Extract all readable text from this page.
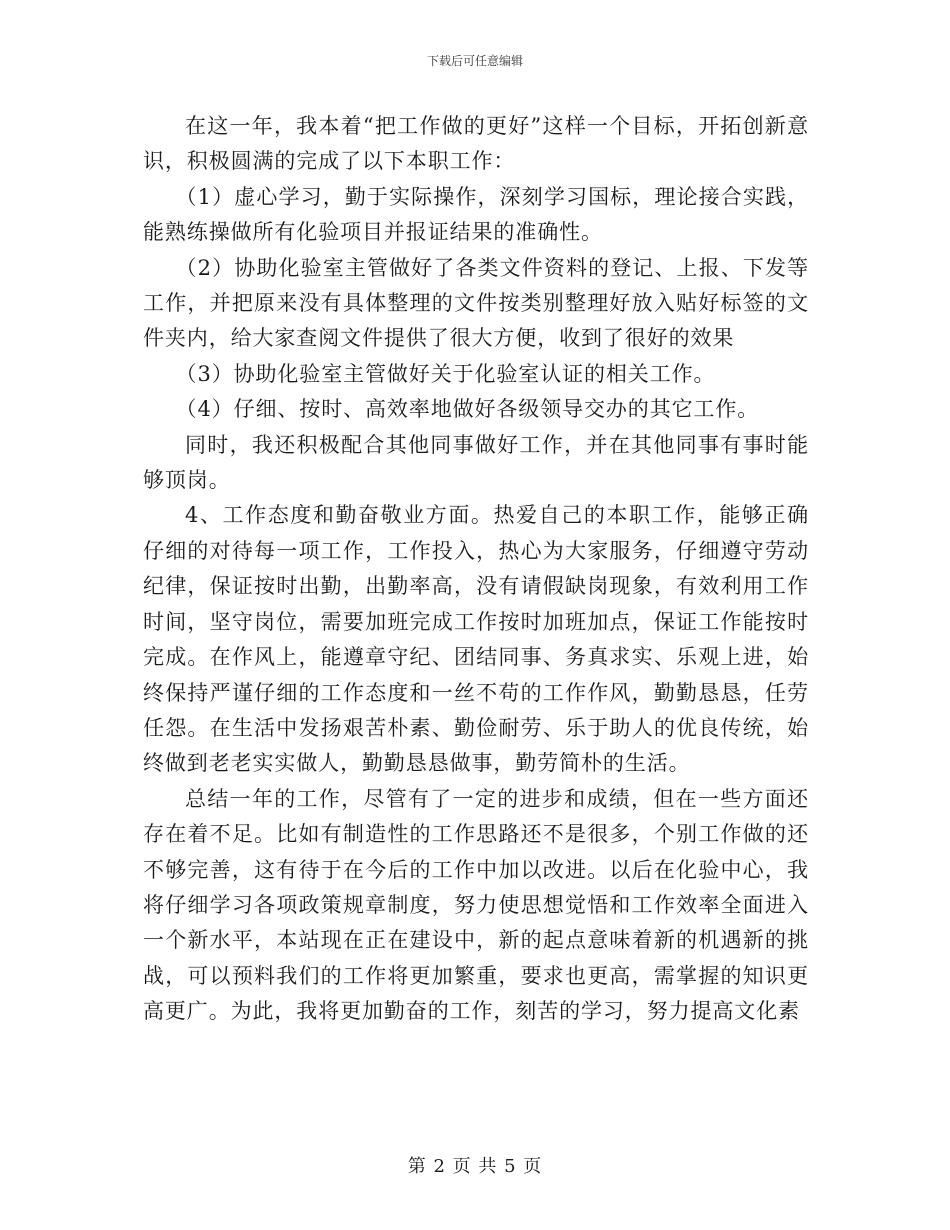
下载后可任意编辑

在这一年，我本着“把工作做的更好”这样一个目标，开拓创新意识，积极圆满的完成了以下本职工作：

（1）虚心学习，勤于实际操作，深刻学习国标，理论接合实践，能熟练操做所有化验项目并报证结果的准确性。

（2）协助化验室主管做好了各类文件资料的登记、上报、下发等工作，并把原来没有具体整理的文件按类别整理好放入贴好标签的文件夹内，给大家查阅文件提供了很大方便，收到了很好的效果

（3）协助化验室主管做好关于化验室认证的相关工作。

（4）仔细、按时、高效率地做好各级领导交办的其它工作。

同时，我还积极配合其他同事做好工作，并在其他同事有事时能够顶岗。

4、工作态度和勤奋敬业方面。热爱自己的本职工作，能够正确仔细的对待每一项工作，工作投入，热心为大家服务，仔细遵守劳动纪律，保证按时出勤，出勤率高，没有请假缺岗现象，有效利用工作时间，坚守岗位，需要加班完成工作按时加班加点，保证工作能按时完成。在作风上，能遵章守纪、团结同事、务真求实、乐观上进，始终保持严谨仔细的工作态度和一丝不苟的工作作风，勤勤恳恳，任劳任怨。在生活中发扬艰苦朴素、勤俭耐劳、乐于助人的优良传统，始终做到老老实实做人，勤勤恳恳做事，勤劳简朴的生活。

总结一年的工作，尽管有了一定的进步和成绩，但在一些方面还存在着不足。比如有制造性的工作思路还不是很多，个别工作做的还不够完善，这有待于在今后的工作中加以改进。以后在化验中心，我将仔细学习各项政策规章制度，努力使思想觉悟和工作效率全面进入一个新水平，本站现在正在建设中，新的起点意味着新的机遇新的挑战，可以预料我们的工作将更加繁重，要求也更高，需掌握的知识更高更广。为此，我将更加勤奋的工作，刻苦的学习，努力提高文化素

第 2 页 共 5 页
